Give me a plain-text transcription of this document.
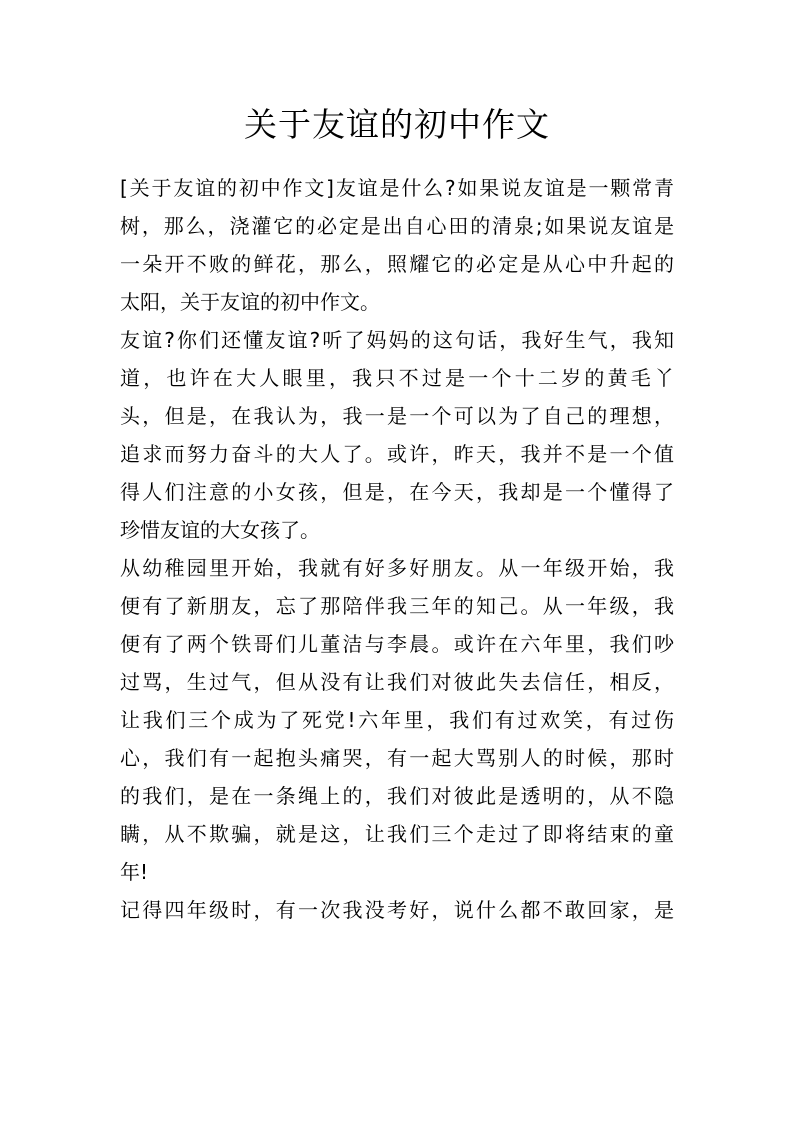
关于友谊的初中作文
[关于友谊的初中作文]友谊是什么?如果说友谊是一颗常青
树，那么，浇灌它的必定是出自心田的清泉;如果说友谊是
一朵开不败的鲜花，那么，照耀它的必定是从心中升起的
太阳，关于友谊的初中作文。
友谊?你们还懂友谊?听了妈妈的这句话，我好生气，我知
道，也许在大人眼里，我只不过是一个十二岁的黄毛丫
头，但是，在我认为，我一是一个可以为了自己的理想，
追求而努力奋斗的大人了。或许，昨天，我并不是一个值
得人们注意的小女孩，但是，在今天，我却是一个懂得了
珍惜友谊的大女孩了。
从幼稚园里开始，我就有好多好朋友。从一年级开始，我
便有了新朋友，忘了那陪伴我三年的知己。从一年级，我
便有了两个铁哥们儿董洁与李晨。或许在六年里，我们吵
过骂，生过气，但从没有让我们对彼此失去信任，相反，
让我们三个成为了死党!六年里，我们有过欢笑，有过伤
心，我们有一起抱头痛哭，有一起大骂别人的时候，那时
的我们，是在一条绳上的，我们对彼此是透明的，从不隐
瞒，从不欺骗，就是这，让我们三个走过了即将结束的童
年!
记得四年级时，有一次我没考好，说什么都不敢回家，是
